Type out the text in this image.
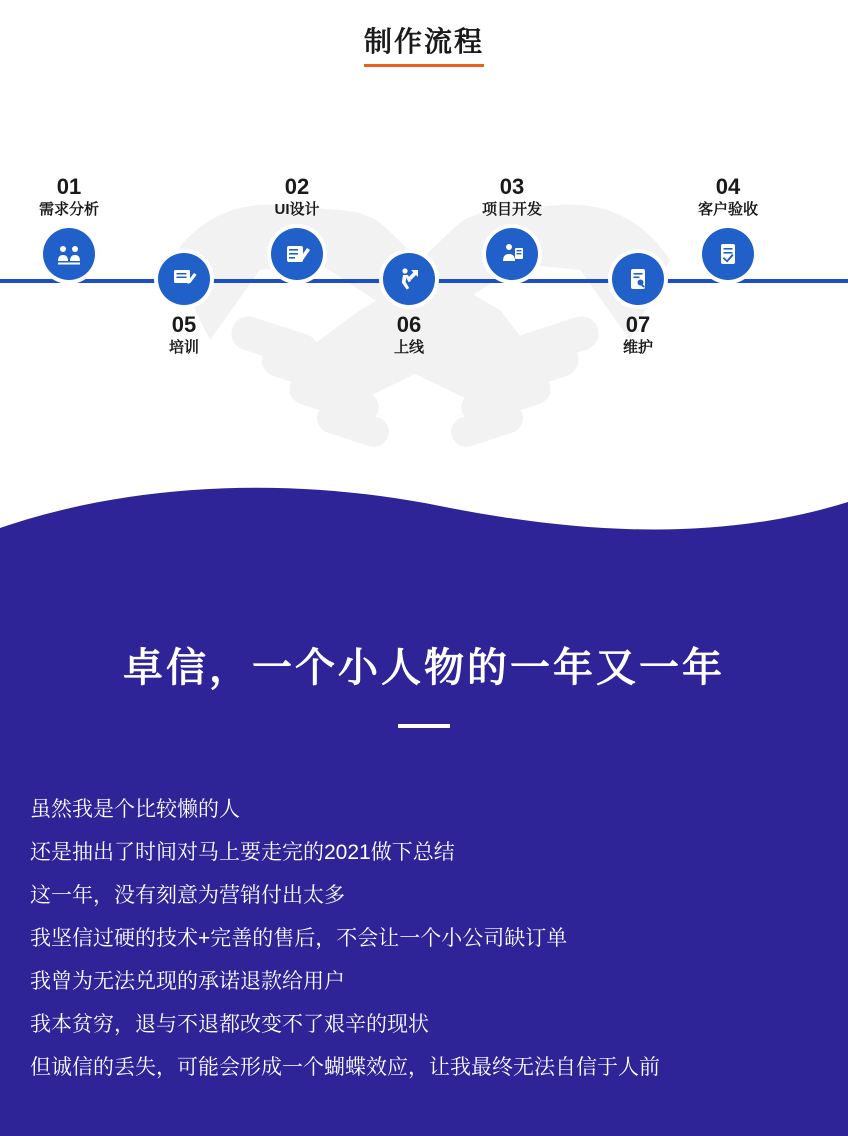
制作流程
01
需求分析
02
UI设计
03
项目开发
04
客户验收
05
培训
06
上线
07
维护
卓信，一个小人物的一年又一年

虽然我是个比较懒的人

还是抽出了时间对马上要走完的2021做下总结

这一年，没有刻意为营销付出太多

我坚信过硬的技术+完善的售后，不会让一个小公司缺订单

我曾为无法兑现的承诺退款给用户

我本贫穷，退与不退都改变不了艰辛的现状

但诚信的丢失，可能会形成一个蝴蝶效应，让我最终无法自信于人前
